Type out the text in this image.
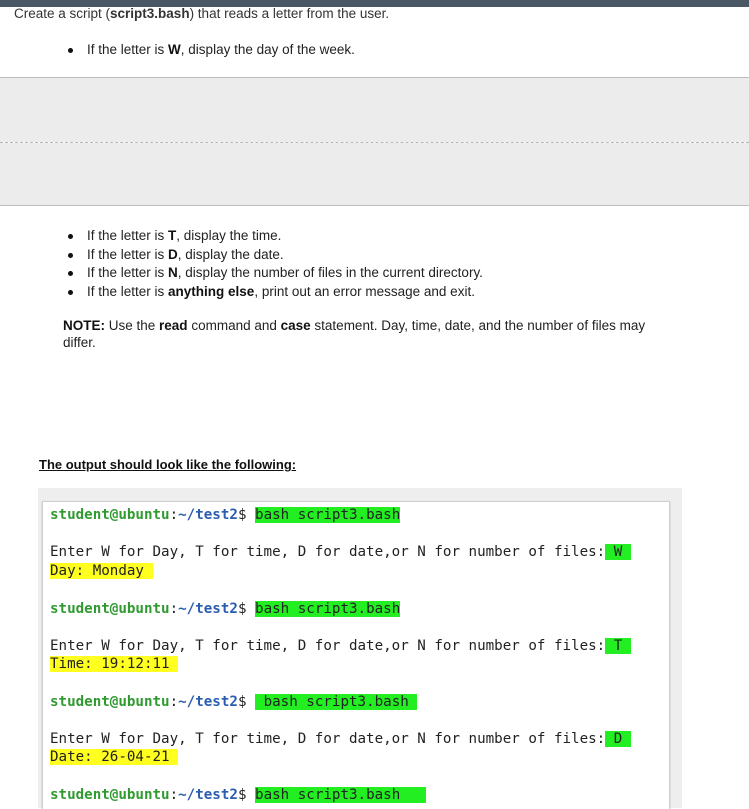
Create a script (script3.bash) that reads a letter from the user.
If the letter is W, display the day of the week.
If the letter is T, display the time.
If the letter is D, display the date.
If the letter is N, display the number of files in the current directory.
If the letter is anything else, print out an error message and exit.
NOTE: Use the read command and case statement. Day, time, date, and the number of files may differ.
The output should look like the following:
student@ubuntu:~/test2$ bash script3.bash
Enter W for Day, T for time, D for date,or N for number of files: W
Day: Monday
student@ubuntu:~/test2$ bash script3.bash
Enter W for Day, T for time, D for date,or N for number of files: T
Time: 19:12:11
student@ubuntu:~/test2$  bash script3.bash
Enter W for Day, T for time, D for date,or N for number of files: D
Date: 26-04-21
student@ubuntu:~/test2$ bash script3.bash
